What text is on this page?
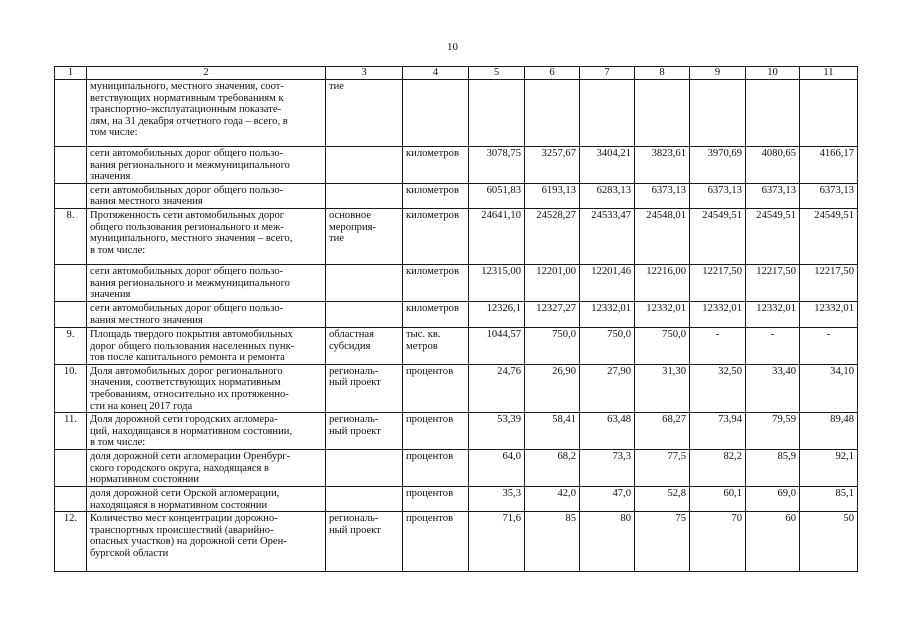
10
1	2	3	4	5	6	7	8	9	10	11
	муниципального, местного значения, соот-
ветствующих нормативным требованиям к
транспортно-эксплуатационным показате-
лям, на 31 декабря отчетного года – всего, в
том числе:	тие								
	сети автомобильных дорог общего пользо-
вания регионального и межмуниципального
значения		километров	3078,75	3257,67	3404,21	3823,61	3970,69	4080,65	4166,17
	сети автомобильных дорог общего пользо-
вания местного значения		километров	6051,83	6193,13	6283,13	6373,13	6373,13	6373,13	6373,13
8.	Протяженность сети автомобильных дорог
общего пользования регионального и меж-
муниципального, местного значения – всего,
в том числе:	основное
мероприя-
тие	километров	24641,10	24528,27	24533,47	24548,01	24549,51	24549,51	24549,51
	сети автомобильных дорог общего пользо-
вания регионального и межмуниципального
значения		километров	12315,00	12201,00	12201,46	12216,00	12217,50	12217,50	12217,50
	сети автомобильных дорог общего пользо-
вания местного значения		километров	12326,1	12327,27	12332,01	12332,01	12332,01	12332,01	12332,01
9.	Площадь твердого покрытия автомобильных
дорог общего пользования населенных пунк-
тов после капитального ремонта и ремонта	областная
субсидия	тыс. кв.
метров	1044,57	750,0	750,0	750,0	-	-	-
10.	Доля автомобильных дорог регионального
значения, соответствующих нормативным
требованиям, относительно их протяженно-
сти на конец 2017 года	региональ-
ный проект	процентов	24,76	26,90	27,90	31,30	32,50	33,40	34,10
11.	Доля дорожной сети городских агломера-
ций, находящаяся в нормативном состоянии,
в том числе:	региональ-
ный проект	процентов	53,39	58,41	63,48	68,27	73,94	79,59	89,48
	доля дорожной сети агломерации Оренбург-
ского городского округа, находящаяся в
нормативном состоянии		процентов	64,0	68,2	73,3	77,5	82,2	85,9	92,1
	доля дорожной сети Орской агломерации,
находящаяся в нормативном состоянии		процентов	35,3	42,0	47,0	52,8	60,1	69,0	85,1
12.	Количество мест концентрации дорожно-
транспортных происшествий (аварийно-
опасных участков) на дорожной сети Орен-
бургской области	региональ-
ный проект	процентов	71,6	85	80	75	70	60	50
